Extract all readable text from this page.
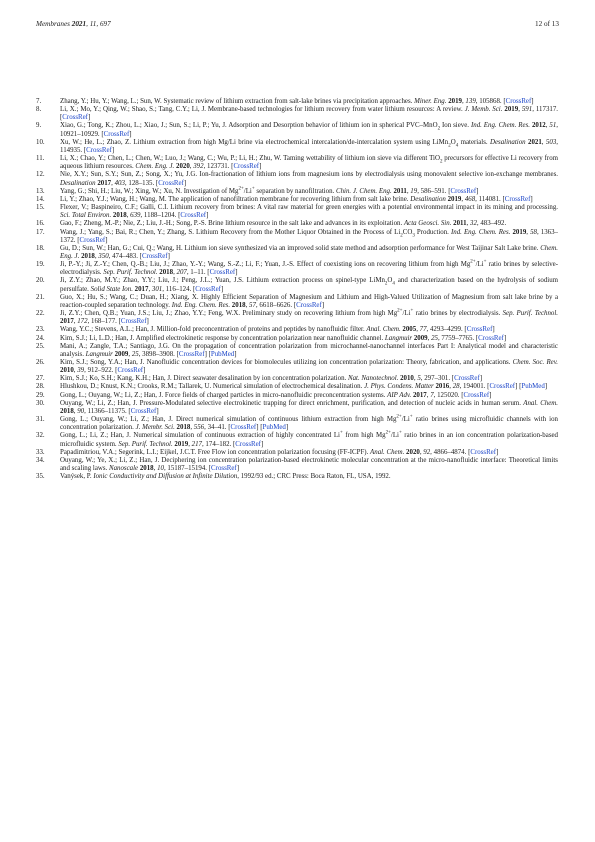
Membranes 2021, 11, 697	12 of 13
7.	Zhang, Y.; Hu, Y.; Wang, L.; Sun, W. Systematic review of lithium extraction from salt-lake brines via precipitation approaches. Miner. Eng. 2019, 139, 105868. [CrossRef]
8.	Li, X.; Mo, Y.; Qing, W.; Shao, S.; Tang, C.Y.; Li, J. Membrane-based technologies for lithium recovery from water lithium resources: A review. J. Memb. Sci. 2019, 591, 117317. [CrossRef]
9.	Xiao, G.; Tong, K.; Zhou, L.; Xiao, J.; Sun, S.; Li, P.; Yu, J. Adsorption and Desorption behavior of lithium ion in spherical PVC–MnO$_2$ Ion sieve. Ind. Eng. Chem. Res. 2012, 51, 10921–10929. [CrossRef]
10. Xu, W.; He, L.; Zhao, Z. Lithium extraction from high Mg/Li brine via electrochemical intercalation/de-intercalation system using $LiMn_2O_4$ materials. Desalination 2021, 503, 114935. [CrossRef]
11. Li, X.; Chao, Y.; Chen, L.; Chen, W.; Luo, J.; Wang, C.; Wu, P.; Li, H.; Zhu, W. Taming wettability of lithium ion sieve via different TiO$_2$ precursors for effective Li recovery from aqueous lithium resources. Chem. Eng. J. 2020, 392, 123731. [CrossRef]
12. Nie, X.Y.; Sun, S.Y.; Sun, Z.; Song, X.; Yu, J.G. Ion-fractionation of lithium ions from magnesium ions by electrodialysis using monovalent selective ion-exchange membranes. Desalination 2017, 403, 128–135. [CrossRef]
13. Yang, G.; Shi, H.; Liu, W.; Xing, W.; Xu, N. Investigation of $Mg^{2+}/Li^+$ separation by nanofiltration. Chin. J. Chem. Eng. 2011, 19, 586–591. [CrossRef]
14. Li, Y.; Zhao, Y.J.; Wang, H.; Wang, M. The application of nanofiltration membrane for recovering lithium from salt lake brine. Desalination 2019, 468, 114081. [CrossRef]
15. Flexer, V.; Baspineiro, C.F.; Galli, C.I. Lithium recovery from brines: A vital raw material for green energies with a potential environmental impact in its mining and processing. Sci. Total Environ. 2018, 639, 1188–1204. [CrossRef]
16. Gao, F.; Zheng, M.-P.; Nie, Z.; Liu, J.-H.; Song, P.-S. Brine lithium resource in the salt lake and advances in its exploitation. Acta Geosci. Sin. 2011, 32, 483–492.
17. Wang, J.; Yang, S.; Bai, R.; Chen, Y.; Zhang, S. Lithium Recovery from the Mother Liquor Obtained in the Process of $Li_2CO_3$ Production. Ind. Eng. Chem. Res. 2019, 58, 1363–1372. [CrossRef]
18. Gu, D.; Sun, W.; Han, G.; Cui, Q.; Wang, H. Lithium ion sieve synthesized via an improved solid state method and adsorption performance for West Taijinar Salt Lake brine. Chem. Eng. J. 2018, 350, 474–483. [CrossRef]
19. Ji, P.-Y.; Ji, Z.-Y.; Chen, Q.-B.; Liu, J.; Zhao, Y.-Y.; Wang, S.-Z.; Li, F.; Yuan, J.-S. Effect of coexisting ions on recovering lithium from high $Mg^{2+}/Li^+$ ratio brines by selective-electrodialysis. Sep. Purif. Technol. 2018, 207, 1–11. [CrossRef]
20. Ji, Z.Y.; Zhao, M.Y.; Zhao, Y.Y.; Liu, J.; Peng, J.L.; Yuan, J.S. Lithium extraction process on spinel-type $LiMn_2O_4$ and characterization based on the hydrolysis of sodium persulfate. Solid State Ion. 2017, 301, 116–124. [CrossRef]
21. Guo, X.; Hu, S.; Wang, C.; Duan, H.; Xiang, X. Highly Efficient Separation of Magnesium and Lithium and High-Valued Utilization of Magnesium from salt lake brine by a reaction-coupled separation technology. Ind. Eng. Chem. Res. 2018, 57, 6618–6626. [CrossRef]
22. Ji, Z.Y.; Chen, Q.B.; Yuan, J.S.; Liu, J.; Zhao, Y.Y.; Feng, W.X. Preliminary study on recovering lithium from high $Mg^{2+}/Li^+$ ratio brines by electrodialysis. Sep. Purif. Technol. 2017, 172, 168–177. [CrossRef]
23. Wang, Y.C.; Stevens, A.L.; Han, J. Million-fold preconcentration of proteins and peptides by nanofluidic filter. Anal. Chem. 2005, 77, 4293–4299. [CrossRef]
24. Kim, S.J.; Li, L.D.; Han, J. Amplified electrokinetic response by concentration polarization near nanofluidic channel. Langmuir 2009, 25, 7759–7765. [CrossRef]
25. Mani, A.; Zangle, T.A.; Santiago, J.G. On the propagation of concentration polarization from microchannel-nanochannel interfaces Part I: Analytical model and characteristic analysis. Langmuir 2009, 25, 3898–3908. [CrossRef] [PubMed]
26. Kim, S.J.; Song, Y.A.; Han, J. Nanofluidic concentration devices for biomolecules utilizing ion concentration polarization: Theory, fabrication, and applications. Chem. Soc. Rev. 2010, 39, 912–922. [CrossRef]
27. Kim, S.J.; Ko, S.H.; Kang, K.H.; Han, J. Direct seawater desalination by ion concentration polarization. Nat. Nanotechnol. 2010, 5, 297–301. [CrossRef]
28. Hlushkou, D.; Knust, K.N.; Crooks, R.M.; Tallarek, U. Numerical simulation of electrochemical desalination. J. Phys. Condens. Matter 2016, 28, 194001. [CrossRef] [PubMed]
29. Gong, L.; Ouyang, W.; Li, Z.; Han, J. Force fields of charged particles in micro-nanofluidic preconcentration systems. AIP Adv. 2017, 7, 125020. [CrossRef]
30. Ouyang, W.; Li, Z.; Han, J. Pressure-Modulated selective electrokinetic trapping for direct enrichment, purification, and detection of nucleic acids in human serum. Anal. Chem. 2018, 90, 11366–11375. [CrossRef]
31. Gong, L.; Ouyang, W.; Li, Z.; Han, J. Direct numerical simulation of continuous lithium extraction from high $Mg^{2+}/Li^+$ ratio brines using microfluidic channels with ion concentration polarization. J. Membr. Sci. 2018, 556, 34–41. [CrossRef] [PubMed]
32. Gong, L.; Li, Z.; Han, J. Numerical simulation of continuous extraction of highly concentrated Li+ from high $Mg^{2+}/Li^+$ ratio brines in an ion concentration polarization-based microfluidic system. Sep. Purif. Technol. 2019, 217, 174–182. [CrossRef]
33. Papadimitriou, V.A.; Segerink, L.I.; Eijkel, J.C.T. Free Flow ion concentration polarization focusing (FF-ICPF). Anal. Chem. 2020, 92, 4866–4874. [CrossRef]
34. Ouyang, W.; Ye, X.; Li, Z.; Han, J. Deciphering ion concentration polarization-based electrokinetic molecular concentration at the micro-nanofluidic interface: Theoretical limits and scaling laws. Nanoscale 2018, 10, 15187–15194. [CrossRef]
35. Vanýsek, P. Ionic Conductivity and Diffusion at Infinite Dilution, 1992/93 ed.; CRC Press: Boca Raton, FL, USA, 1992.
